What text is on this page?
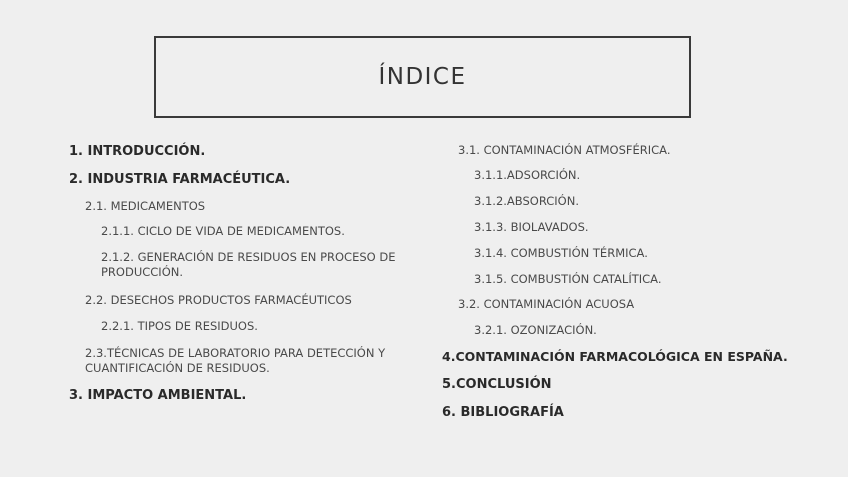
ÍNDICE
1. INTRODUCCIÓN.
2. INDUSTRIA FARMACÉUTICA.
2.1. MEDICAMENTOS
2.1.1. CICLO DE VIDA DE MEDICAMENTOS.
2.1.2. GENERACIÓN DE RESIDUOS EN PROCESO DE PRODUCCIÓN.
2.2. DESECHOS PRODUCTOS FARMACÉUTICOS
2.2.1. TIPOS DE RESIDUOS.
2.3.TÉCNICAS DE LABORATORIO PARA DETECCIÓN Y CUANTIFICACIÓN DE RESIDUOS.
3. IMPACTO AMBIENTAL.
3.1. CONTAMINACIÓN ATMOSFÉRICA.
3.1.1.ADSORCIÓN.
3.1.2.ABSORCIÓN.
3.1.3. BIOLAVADOS.
3.1.4. COMBUSTIÓN TÉRMICA.
3.1.5. COMBUSTIÓN CATALÍTICA.
3.2. CONTAMINACIÓN ACUOSA
3.2.1. OZONIZACIÓN.
4.CONTAMINACIÓN FARMACOLÓGICA EN ESPAÑA.
5.CONCLUSIÓN
6. BIBLIOGRAFÍA
